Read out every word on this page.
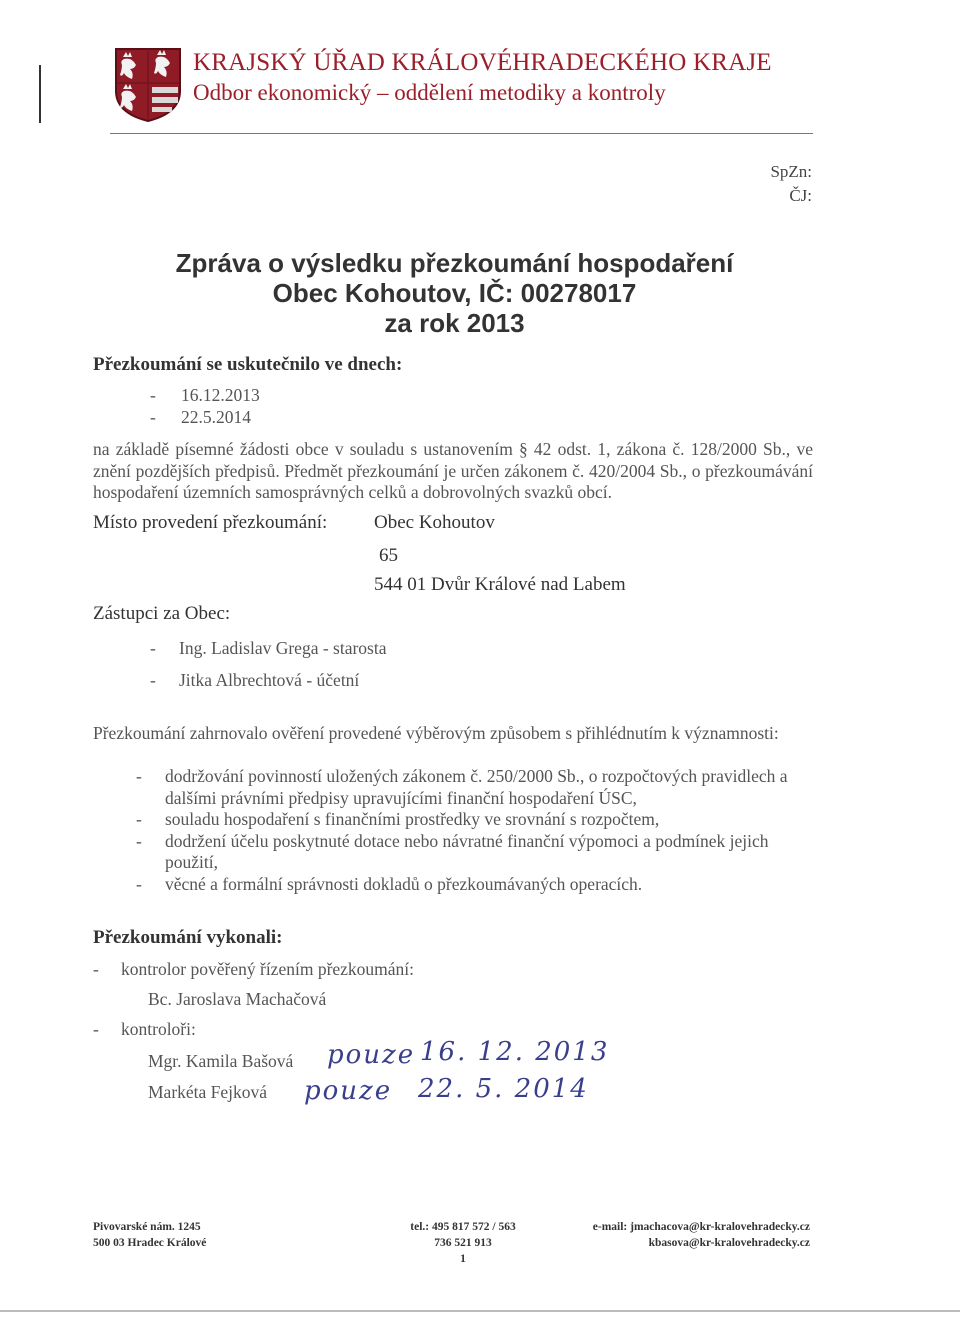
KRAJSKÝ ÚŘAD KRÁLOVÉHRADECKÉHO KRAJE
Odbor ekonomický – oddělení metodiky a kontroly
SpZn:
ČJ:
Zpráva o výsledku přezkoumání hospodaření
Obec Kohoutov, IČ: 00278017
za rok 2013
Přezkoumání se uskutečnilo ve dnech:
- 16.12.2013
- 22.5.2014
na základě písemné žádosti obce v souladu s ustanovením § 42 odst. 1, zákona č. 128/2000 Sb., ve znění pozdějších předpisů. Předmět přezkoumání je určen zákonem č. 420/2004 Sb., o přezkoumávání hospodaření územních samosprávných celků a dobrovolných svazků obcí.
Místo provedení přezkoumání: Obec Kohoutov
65
544 01 Dvůr Králové nad Labem
Zástupci za Obec:
- Ing. Ladislav Grega - starosta
- Jitka Albrechtová - účetní
Přezkoumání zahrnovalo ověření provedené výběrovým způsobem s přihlédnutím k významnosti:
- dodržování povinností uložených zákonem č. 250/2000 Sb., o rozpočtových pravidlech a dalšími právními předpisy upravujícími finanční hospodaření ÚSC,
- souladu hospodaření s finančními prostředky ve srovnání s rozpočtem,
- dodržení účelu poskytnuté dotace nebo návratné finanční výpomoci a podmínek jejich použití,
- věcné a formální správnosti dokladů o přezkoumávaných operacích.
Přezkoumání vykonali:
- kontrolor pověřený řízením přezkoumání:
Bc. Jaroslava Machačová
- kontroloři:
Mgr. Kamila Bašová pouze 16. 12. 2013
Markéta Fejková pouze 22. 5. 2014
Pivovarské nám. 1245
500 03 Hradec Králové
tel.: 495 817 572 / 563
736 521 913
1
e-mail: jmachacova@kr-kralovehradecky.cz
kbasova@kr-kralovehradecky.cz
